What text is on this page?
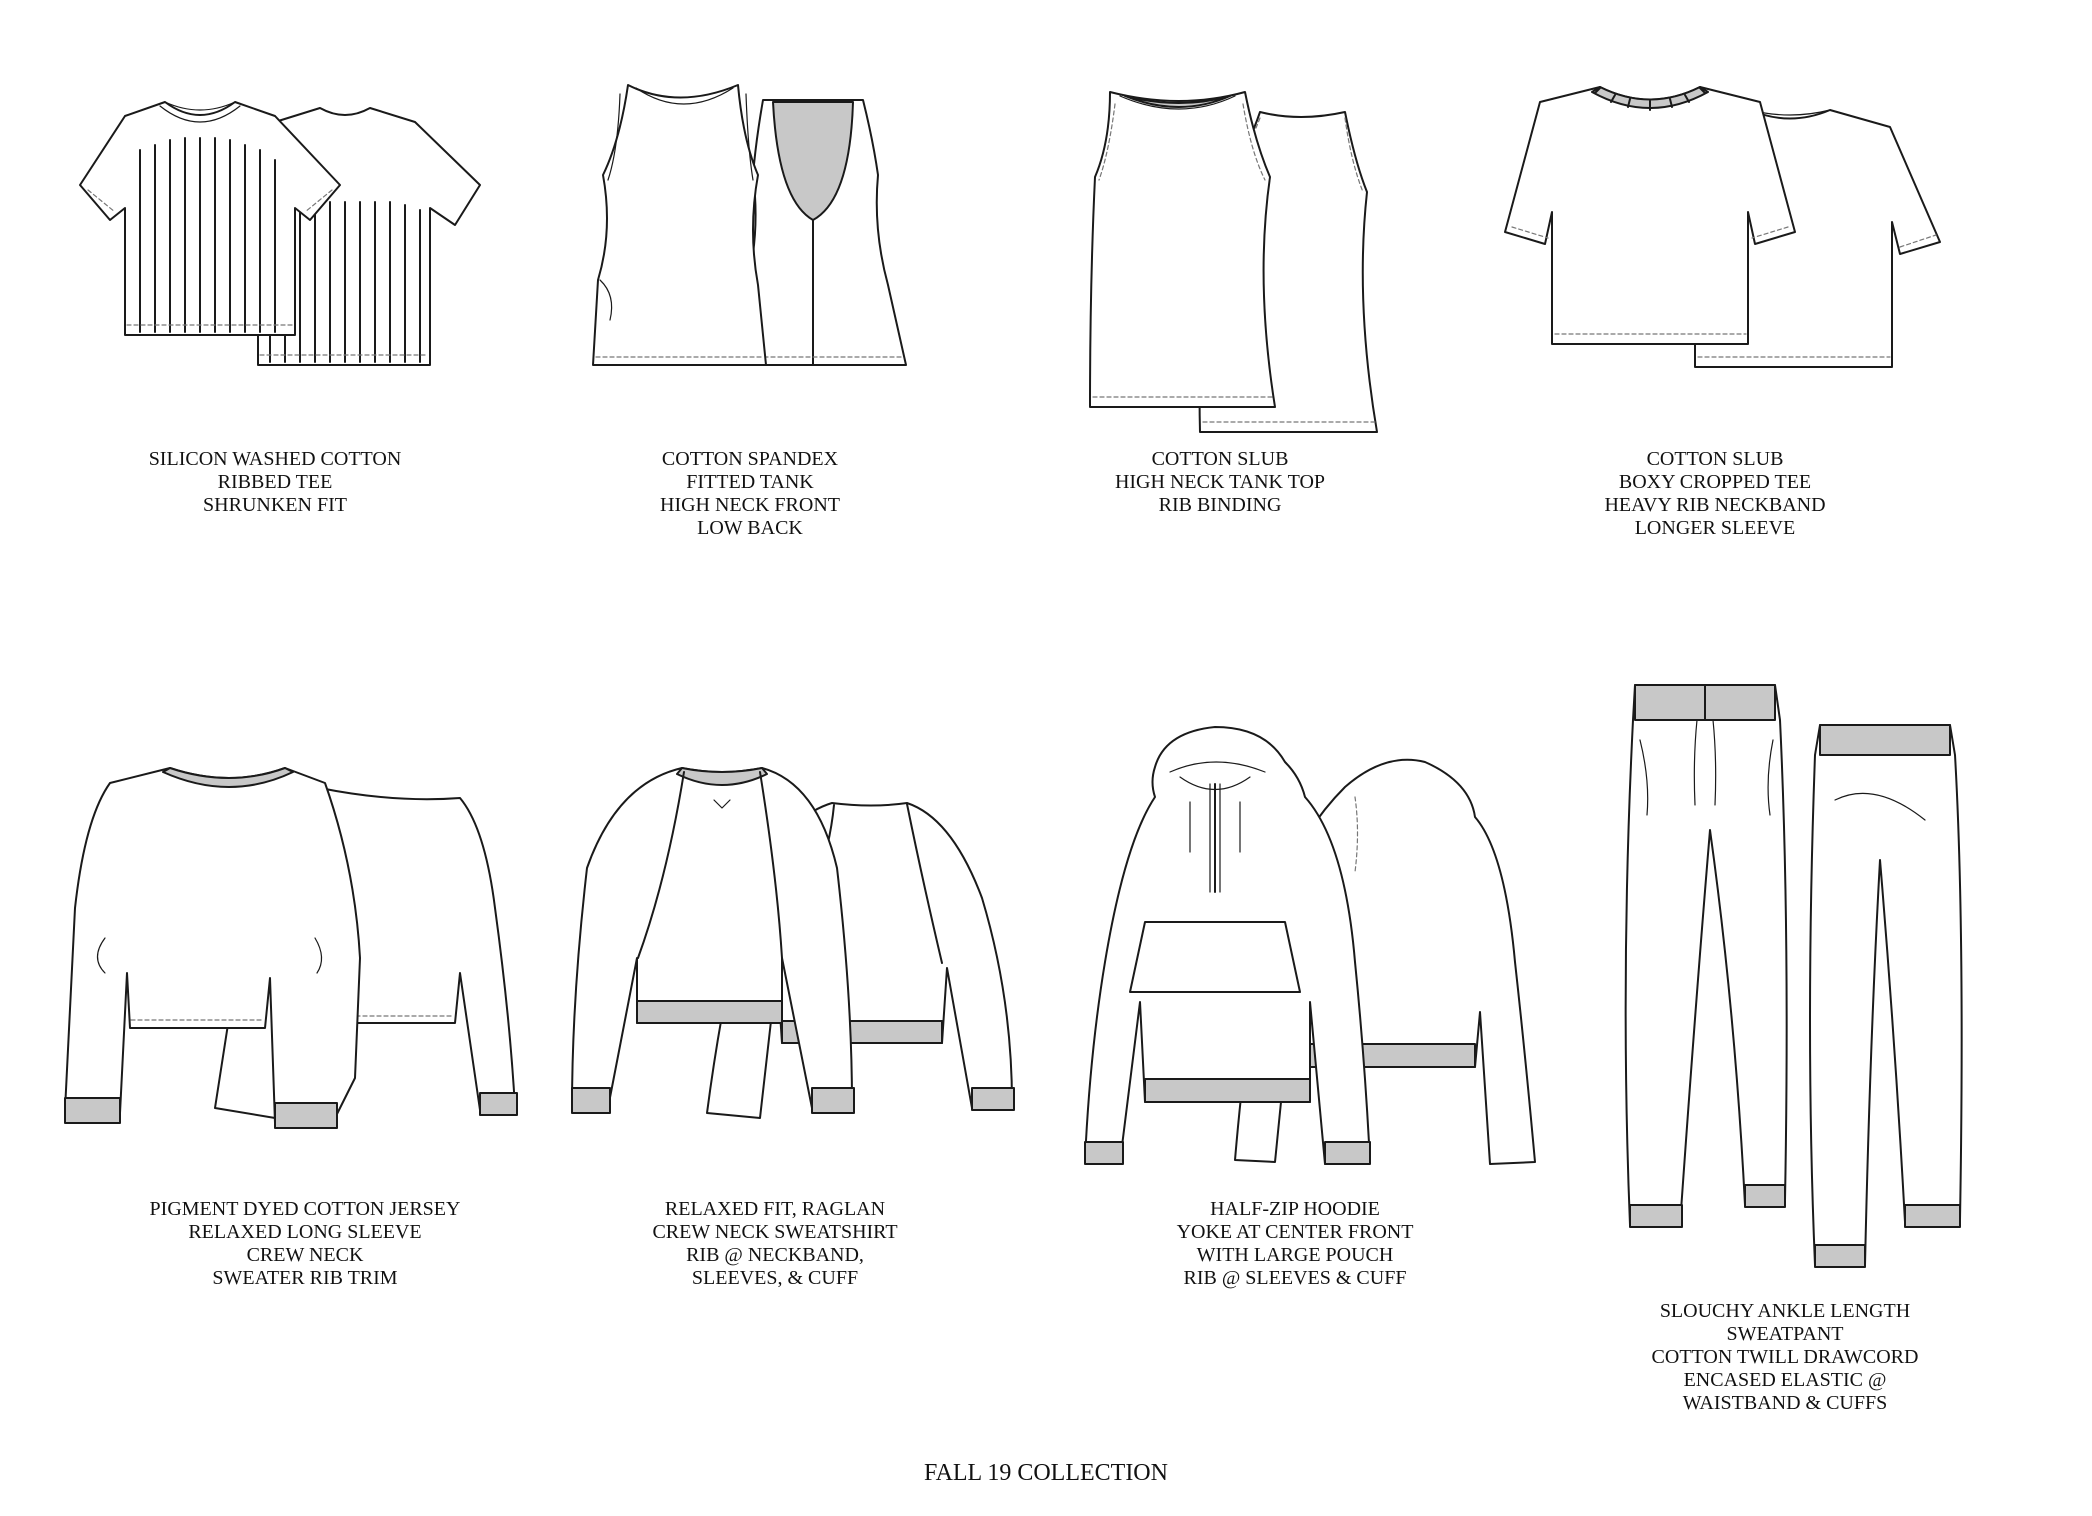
SILICON WASHED COTTON
RIBBED TEE
SHRUNKEN FIT
COTTON SPANDEX
FITTED TANK
HIGH NECK FRONT
LOW BACK
COTTON SLUB
HIGH NECK TANK TOP
RIB BINDING
COTTON SLUB
BOXY CROPPED TEE
HEAVY RIB NECKBAND
LONGER SLEEVE
PIGMENT DYED COTTON JERSEY
RELAXED LONG SLEEVE
CREW NECK
SWEATER RIB TRIM
RELAXED FIT, RAGLAN
CREW NECK SWEATSHIRT
RIB @ NECKBAND,
SLEEVES, & CUFF
HALF-ZIP HOODIE
YOKE AT CENTER FRONT
WITH LARGE POUCH
RIB @ SLEEVES & CUFF
SLOUCHY ANKLE LENGTH
SWEATPANT
COTTON TWILL DRAWCORD
ENCASED ELASTIC @
WAISTBAND & CUFFS
FALL 19 COLLECTION
